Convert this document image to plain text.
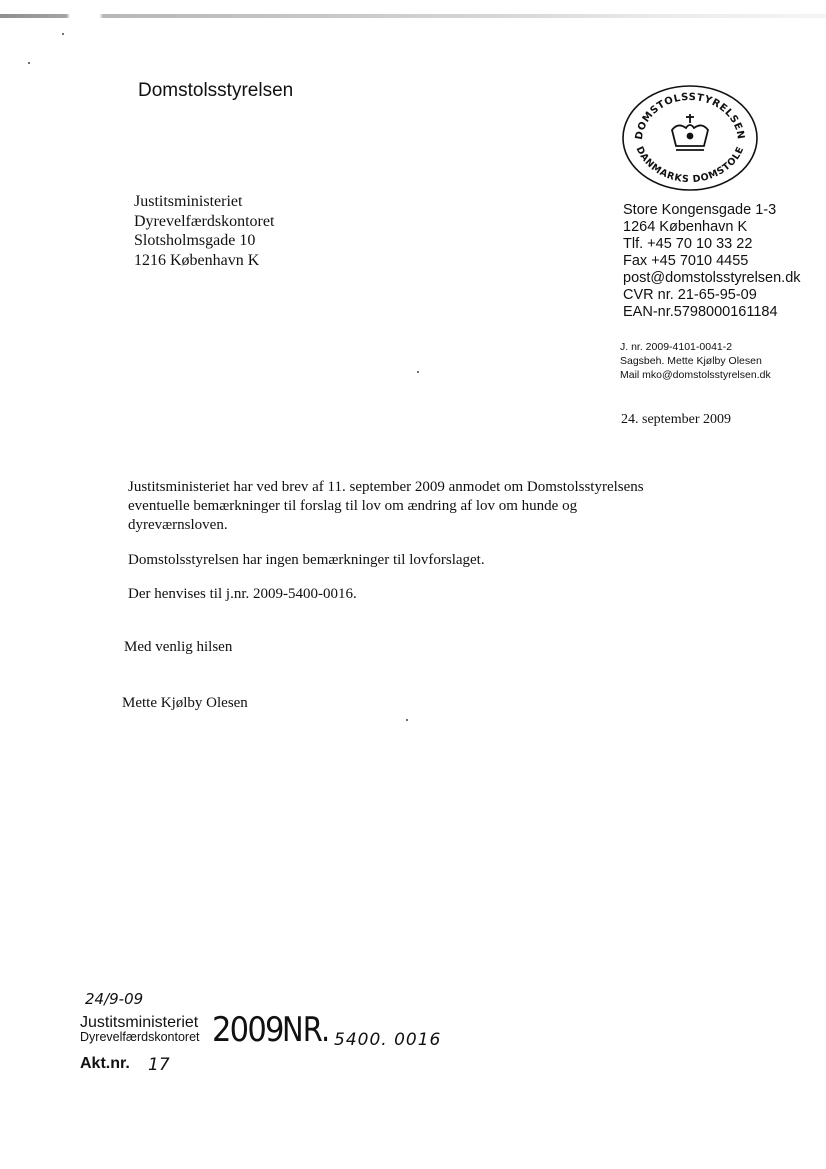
Domstolsstyrelsen
Justitsministeriet
Dyrevelfærdskontoret
Slotsholmsgade 10
1216 København K
DOMSTOLSSTYRELSEN
DANMARKS DOMSTOLE
Store Kongensgade 1-3
1264 København K
Tlf. +45 70 10 33 22
Fax +45 7010 4455
post@domstolsstyrelsen.dk
CVR nr. 21-65-95-09
EAN-nr.5798000161184
J. nr. 2009-4101-0041-2
Sagsbeh. Mette Kjølby Olesen
Mail mko@domstolsstyrelsen.dk
24. september 2009
Justitsministeriet har ved brev af 11. september 2009 anmodet om Domstolsstyrelsens eventuelle bemærkninger til forslag til lov om ændring af lov om hunde og dyreværnsloven.
Domstolsstyrelsen har ingen bemærkninger til lovforslaget.
Der henvises til j.nr. 2009-5400-0016.
Med venlig hilsen
Mette Kjølby Olesen
24/9-09
Justitsministeriet
Dyrevelfærdskontoret 2009 NR. 5400. 0016
Akt.nr. 17
